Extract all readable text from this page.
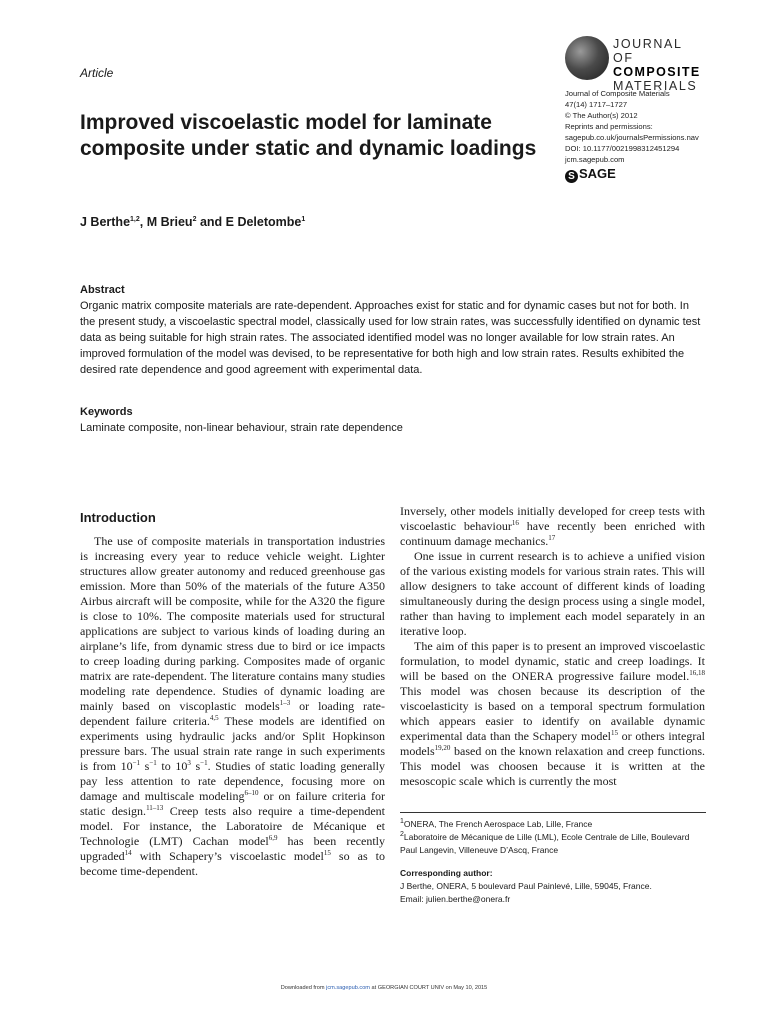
Article
JOURNAL OF
COMPOSITE
MATERIALS
Improved viscoelastic model for laminate composite under static and dynamic loadings
Journal of Composite Materials
47(14) 1717–1727
© The Author(s) 2012
Reprints and permissions:
sagepub.co.uk/journalsPermissions.nav
DOI: 10.1177/0021998312451294
jcm.sagepub.com
S SAGE
J Berthe$^{1,2}$, M Brieu$^2$ and E Deletombe$^1$
Abstract

Organic matrix composite materials are rate-dependent. Approaches exist for static and for dynamic cases but not for both. In the present study, a viscoelastic spectral model, classically used for low strain rates, was successfully identified on dynamic test data as being suitable for high strain rates. The associated identified model was no longer available for low strain rates. An improved formulation of the model was devised, to be representative for both high and low strain rates. Results exhibited the desired rate dependence and good agreement with experimental data.

Keywords

Laminate composite, non-linear behaviour, strain rate dependence

Introduction

The use of composite materials in transportation industries is increasing every year to reduce vehicle weight. Lighter structures allow greater autonomy and reduced greenhouse gas emission. More than 50% of the materials of the future A350 Airbus aircraft will be composite, while for the A320 the figure is close to 10%. The composite materials used for structural applications are subject to various kinds of loading during an airplane’s life, from dynamic stress due to bird or ice impacts to creep loading during parking. Composites made of organic matrix are rate-dependent. The literature contains many studies modeling rate dependence. Studies of dynamic loading are mainly based on viscoplastic models$^{1-3}$ or loading rate-dependent failure criteria.$^{4,5}$ These models are identified on experiments using hydraulic jacks and/or Split Hopkinson pressure bars. The usual strain rate range in such experiments is from $10^{-1}$ $s^{-1}$ to $10^3$ $s^{-1}$. Studies of static loading generally pay less attention to rate dependence, focusing more on damage and multiscale modeling$^{6-10}$ or on failure criteria for static design.$^{11-13}$ Creep tests also require a time-dependent model. For instance, the Laboratoire de Mécanique et Technologie (LMT) Cachan model$^{6,9}$ has been recently upgraded$^{14}$ with Schapery’s viscoelastic model$^{15}$ so as to become time-dependent.

Inversely, other models initially developed for creep tests with viscoelastic behaviour$^{16}$ have recently been enriched with continuum damage mechanics.$^{17}$

One issue in current research is to achieve a unified vision of the various existing models for various strain rates. This will allow designers to take account of different kinds of loading simultaneously during the design process using a single model, rather than having to implement each model separately in an iterative loop.

The aim of this paper is to present an improved viscoelastic formulation, to model dynamic, static and creep loadings. It will be based on the ONERA progressive failure model.$^{16,18}$ This model was chosen because its description of the viscoelasticity is based on a temporal spectrum formulation which appears easier to identify on available dynamic experimental data than the Schapery model$^{15}$ or others integral models$^{19,20}$ based on the known relaxation and creep functions. This model was choosen because it is written at the mesoscopic scale which is currently the most

$^1$ONERA, The French Aerospace Lab, Lille, France

$^2$Laboratoire de Mécanique de Lille (LML), Ecole Centrale de Lille, Boulevard Paul Langevin, Villeneuve D’Ascq, France

Corresponding author:

J Berthe, ONERA, 5 boulevard Paul Painlevé, Lille, 59045, France.

Email: julien.berthe@onera.fr

Downloaded from jcm.sagepub.com at GEORGIAN COURT UNIV on May 10, 2015
